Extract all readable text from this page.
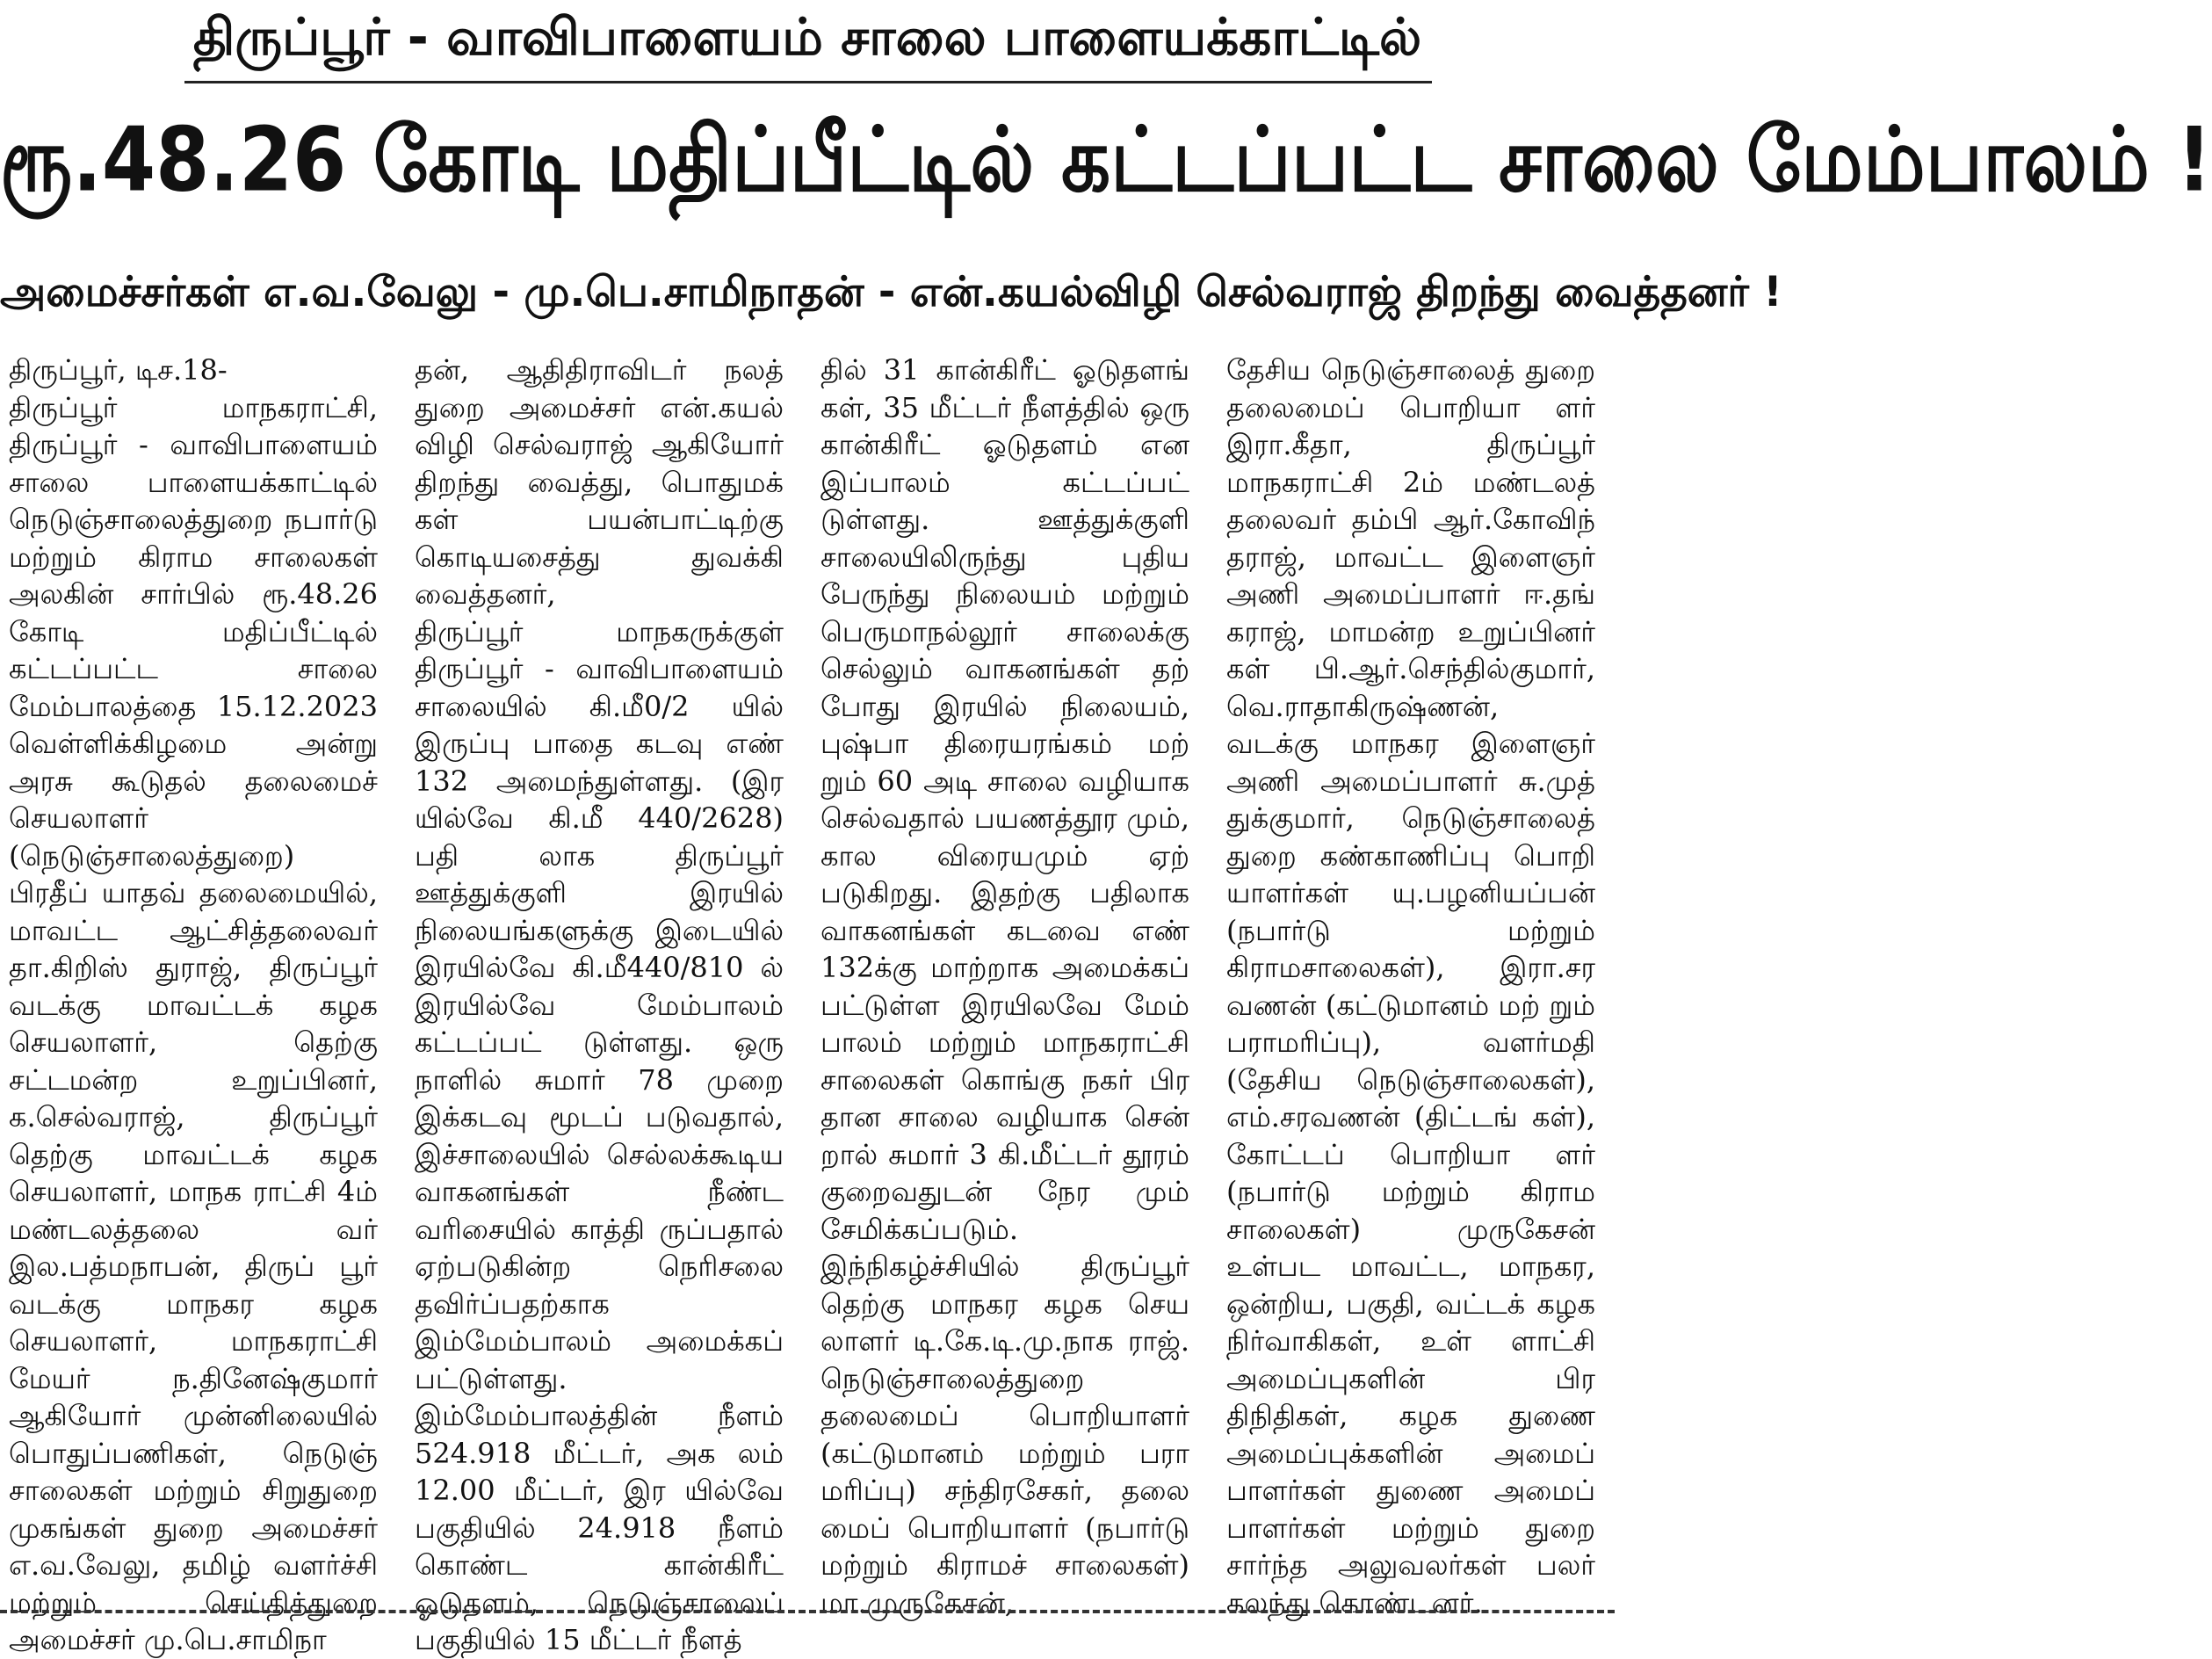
திருப்பூர் - வாவிபாளையம் சாலை பாளையக்காட்டில்
ரூ.48.26 கோடி மதிப்பீட்டில் கட்டப்பட்ட சாலை மேம்பாலம் !
அமைச்சர்கள் எ.வ.வேலு - மு.பெ.சாமிநாதன் - என்.கயல்விழி செல்வராஜ் திறந்து வைத்தனர் !

திருப்பூர், டிச.18-
திருப்பூர் மாநகராட்சி, திருப்பூர் - வாவிபாளையம் சாலை பாளையக்காட்டில் நெடுஞ்சாலைத்துறை நபார்டு மற்றும் கிராம சாலைகள் அலகின் சார்பில் ரூ.48.26 கோடி மதிப்பீட்டில் கட்டப்பட்ட சாலை மேம்பாலத்தை 15.12.2023 வெள்ளிக்கிழமை அன்று அரசு கூடுதல் தலைமைச் செயலாளர் (நெடுஞ்சாலைத்துறை) பிரதீப் யாதவ் தலைமையில், மாவட்ட ஆட்சித்தலைவர் தா.கிறிஸ் துராஜ், திருப்பூர் வடக்கு மாவட்டக் கழக செயலாளர், தெற்கு சட்டமன்ற உறுப்பினர், க.செல்வராஜ், திருப்பூர் தெற்கு மாவட்டக் கழக செயலாளர், மாநக ராட்சி 4ம் மண்டலத்தலை வர் இல.பத்மநாபன், திருப் பூர் வடக்கு மாநகர கழக செயலாளர், மாநகராட்சி மேயர் ந.தினேஷ்குமார் ஆகியோர் முன்னிலையில் பொதுப்பணிகள், நெடுஞ் சாலைகள் மற்றும் சிறுதுறை முகங்கள் துறை அமைச்சர் எ.வ.வேலு, தமிழ் வளர்ச்சி மற்றும் செய்தித்துறை அமைச்சர் மு.பெ.சாமிநா

தன், ஆதிதிராவிடர் நலத் துறை அமைச்சர் என்.கயல் விழி செல்வராஜ் ஆகியோர் திறந்து வைத்து, பொதுமக் கள் பயன்பாட்டிற்கு கொடியசைத்து துவக்கி வைத்தனர்,
திருப்பூர் மாநகருக்குள் திருப்பூர் - வாவிபாளையம் சாலையில் கி.மீ0/2 யில் இருப்பு பாதை கடவு எண் 132 அமைந்துள்ளது. (இர யில்வே கி.மீ 440/2628) பதி லாக திருப்பூர் ஊத்துக்குளி இரயில் நிலையங்களுக்கு இடையில் இரயில்வே கி.மீ440/810 ல் இரயில்வே மேம்பாலம் கட்டப்பட் டுள்ளது. ஒரு நாளில் சுமார் 78 முறை இக்கடவு மூடப் படுவதால், இச்சாலையில் செல்லக்கூடிய வாகனங்கள் நீண்ட வரிசையில் காத்தி ருப்பதால் ஏற்படுகின்ற நெரிசலை தவிர்ப்பதற்காக இம்மேம்பாலம் அமைக்கப் பட்டுள்ளது.
இம்மேம்பாலத்தின் நீளம் 524.918 மீட்டர், அக லம் 12.00 மீட்டர், இர யில்வே பகுதியில் 24.918 நீளம் கொண்ட கான்கிரீட் ஓடுதளம், நெடுஞ்சாலைப் பகுதியில் 15 மீட்டர் நீளத்

தில் 31 கான்கிரீட் ஓடுதளங் கள், 35 மீட்டர் நீளத்தில் ஒரு கான்கிரீட் ஓடுதளம் என இப்பாலம் கட்டப்பட் டுள்ளது. ஊத்துக்குளி சாலையிலிருந்து புதிய பேருந்து நிலையம் மற்றும் பெருமாநல்லூர் சாலைக்கு செல்லும் வாகனங்கள் தற் போது இரயில் நிலையம், புஷ்பா திரையரங்கம் மற் றும் 60 அடி சாலை வழியாக செல்வதால் பயணத்தூர மும், கால விரையமும் ஏற் படுகிறது. இதற்கு பதிலாக வாகனங்கள் கடவை எண் 132க்கு மாற்றாக அமைக்கப் பட்டுள்ள இரயிலவே மேம் பாலம் மற்றும் மாநகராட்சி சாலைகள் கொங்கு நகர் பிர தான சாலை வழியாக சென் றால் சுமார் 3 கி.மீட்டர் தூரம் குறைவதுடன் நேர மும் சேமிக்கப்படும்.
இந்நிகழ்ச்சியில் திருப்பூர் தெற்கு மாநகர கழக செய லாளர் டி.கே.டி.மு.நாக ராஜ். நெடுஞ்சாலைத்துறை தலைமைப் பொறியாளர் (கட்டுமானம் மற்றும் பரா மரிப்பு) சந்திரசேகர், தலை மைப் பொறியாளர் (நபார்டு மற்றும் கிராமச் சாலைகள்) மா.முருகேசன்,

தேசிய நெடுஞ்சாலைத் துறை தலைமைப் பொறியா ளர் இரா.கீதா, திருப்பூர் மாநகராட்சி 2ம் மண்டலத் தலைவர் தம்பி ஆர்.கோவிந் தராஜ், மாவட்ட இளைஞர் அணி அமைப்பாளர் ஈ.தங் கராஜ், மாமன்ற உறுப்பினர் கள் பி.ஆர்.செந்தில்குமார், வெ.ராதாகிருஷ்ணன், வடக்கு மாநகர இளைஞர் அணி அமைப்பாளர் சு.முத் துக்குமார், நெடுஞ்சாலைத் துறை கண்காணிப்பு பொறி யாளர்கள் யு.பழனியப்பன் (நபார்டு மற்றும் கிராமசாலைகள்), இரா.சர வணன் (கட்டுமானம் மற் றும் பராமரிப்பு), வளர்மதி (தேசிய நெடுஞ்சாலைகள்), எம்.சரவணன் (திட்டங் கள்), கோட்டப் பொறியா ளர் (நபார்டு மற்றும் கிராம சாலைகள்) முருகேசன் உள்பட மாவட்ட, மாநகர, ஒன்றிய, பகுதி, வட்டக் கழக நிர்வாகிகள், உள் ளாட்சி அமைப்புகளின் பிர திநிதிகள், கழக துணை அமைப்புக்களின் அமைப் பாளர்கள் துணை அமைப் பாளர்கள் மற்றும் துறை சார்ந்த அலுவலர்கள் பலர் கலந்து கொண்டனர்.
